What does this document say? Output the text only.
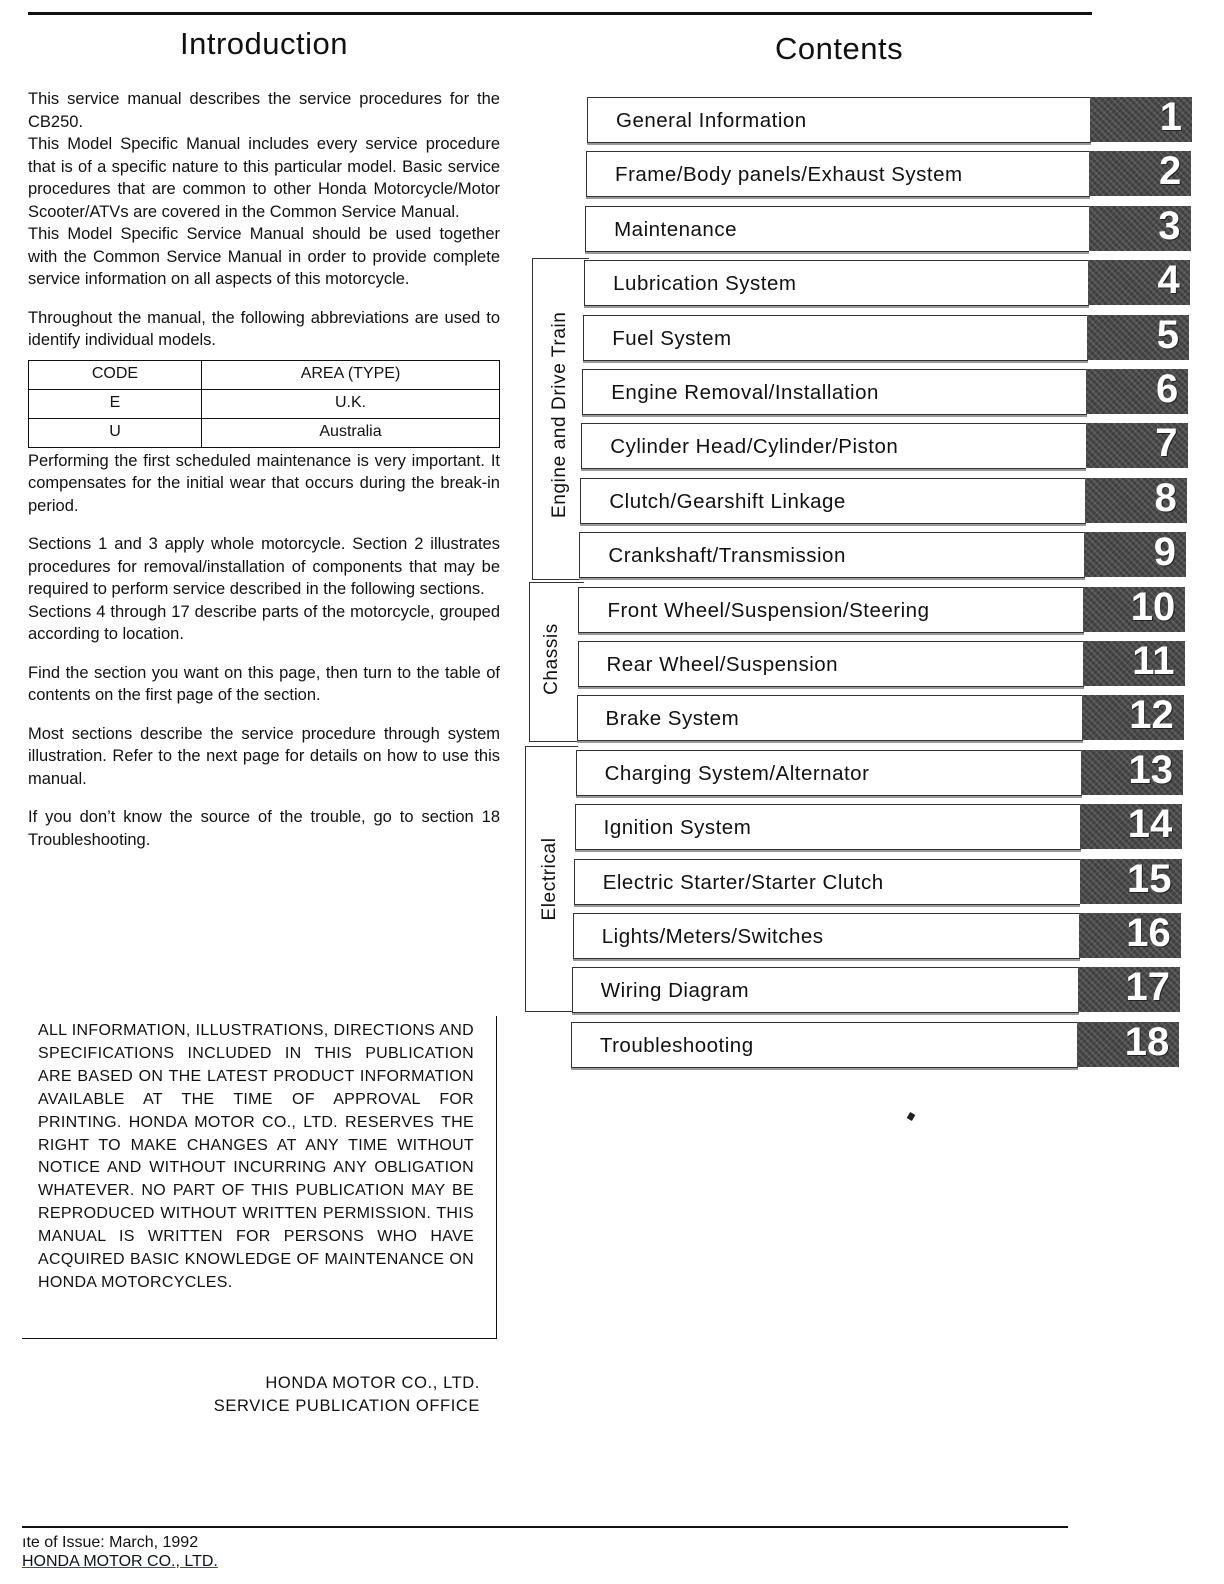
Introduction

This service manual describes the service procedures for the CB250.

This Model Specific Manual includes every service procedure that is of a specific nature to this particular model. Basic service procedures that are common to other Honda Motorcycle/Motor Scooter/ATVs are covered in the Common Service Manual.

This Model Specific Service Manual should be used together with the Common Service Manual in order to provide complete service information on all aspects of this motorcycle.

Throughout the manual, the following abbreviations are used to identify individual models.

CODE	AREA (TYPE)
E	U.K.
U	Australia

Performing the first scheduled maintenance is very important. It compensates for the initial wear that occurs during the break-in period.

Sections 1 and 3 apply whole motorcycle. Section 2 illustrates procedures for removal/installation of components that may be required to perform service described in the following sections.

Sections 4 through 17 describe parts of the motorcycle, grouped according to location.

Find the section you want on this page, then turn to the table of contents on the first page of the section.

Most sections describe the service procedure through system illustration. Refer to the next page for details on how to use this manual.

If you don’t know the source of the trouble, go to section 18 Troubleshooting.

ALL INFORMATION, ILLUSTRATIONS, DIRECTIONS AND SPECIFICATIONS INCLUDED IN THIS PUBLICATION ARE BASED ON THE LATEST PRODUCT INFORMATION AVAILABLE AT THE TIME OF APPROVAL FOR PRINTING. HONDA MOTOR CO., LTD. RESERVES THE RIGHT TO MAKE CHANGES AT ANY TIME WITHOUT NOTICE AND WITHOUT INCURRING ANY OBLIGATION WHATEVER. NO PART OF THIS PUBLICATION MAY BE REPRODUCED WITHOUT WRITTEN PERMISSION. THIS MANUAL IS WRITTEN FOR PERSONS WHO HAVE ACQUIRED BASIC KNOWLEDGE OF MAINTENANCE ON HONDA MOTORCYCLES.
HONDA MOTOR CO., LTD.
SERVICE PUBLICATION OFFICE
ıte of Issue: March, 1992
HONDA MOTOR CO., LTD.
Contents
Engine and Drive Train
Chassis
Electrical
General Information	1
Frame/Body panels/Exhaust System	2
Maintenance	3
Lubrication System	4
Fuel System	5
Engine Removal/Installation	6
Cylinder Head/Cylinder/Piston	7
Clutch/Gearshift Linkage	8
Crankshaft/Transmission	9
Front Wheel/Suspension/Steering	10
Rear Wheel/Suspension	11
Brake System	12
Charging System/Alternator	13
Ignition System	14
Electric Starter/Starter Clutch	15
Lights/Meters/Switches	16
Wiring Diagram	17
Troubleshooting	18
